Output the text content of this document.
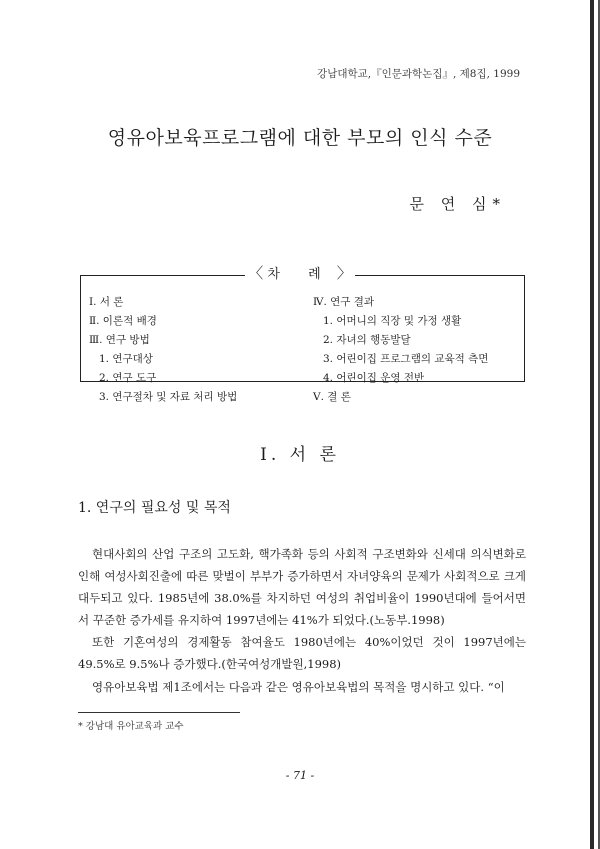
강남대학교,『인문과학논집』, 제8집, 1999
영유아보육프로그램에 대한 부모의 인식 수준
문 연 심*
Ⅰ. 서 론
Ⅱ. 이론적 배경
Ⅲ. 연구 방법
1. 연구대상
2. 연구 도구
3. 연구절차 및 자료 처리 방법
Ⅳ. 연구 결과
1. 어머니의 직장 및 가정 생활
2. 자녀의 행동발달
3. 어린이집 프로그램의 교육적 측면
4. 어린이집 운영 전반
Ⅴ. 결 론
〈 차 례 〉
Ⅰ. 서 론
1. 연구의 필요성 및 목적

현대사회의 산업 구조의 고도화, 핵가족화 등의 사회적 구조변화와 신세대 의식변화로 인해 여성사회진출에 따른 맞벌이 부부가 증가하면서 자녀양육의 문제가 사회적으로 크게 대두되고 있다. 1985년에 38.0%를 차지하던 여성의 취업비율이 1990년대에 들어서면서 꾸준한 증가세를 유지하여 1997년에는 41%가 되었다.(노동부.1998)

또한 기혼여성의 경제활동 참여율도 1980년에는 40%이었던 것이 1997년에는 49.5%로 9.5%나 증가했다.(한국여성개발원,1998)

영유아보육법 제1조에서는 다음과 같은 영유아보육법의 목적을 명시하고 있다. “이
* 강남대 유아교육과 교수
- 71 -
